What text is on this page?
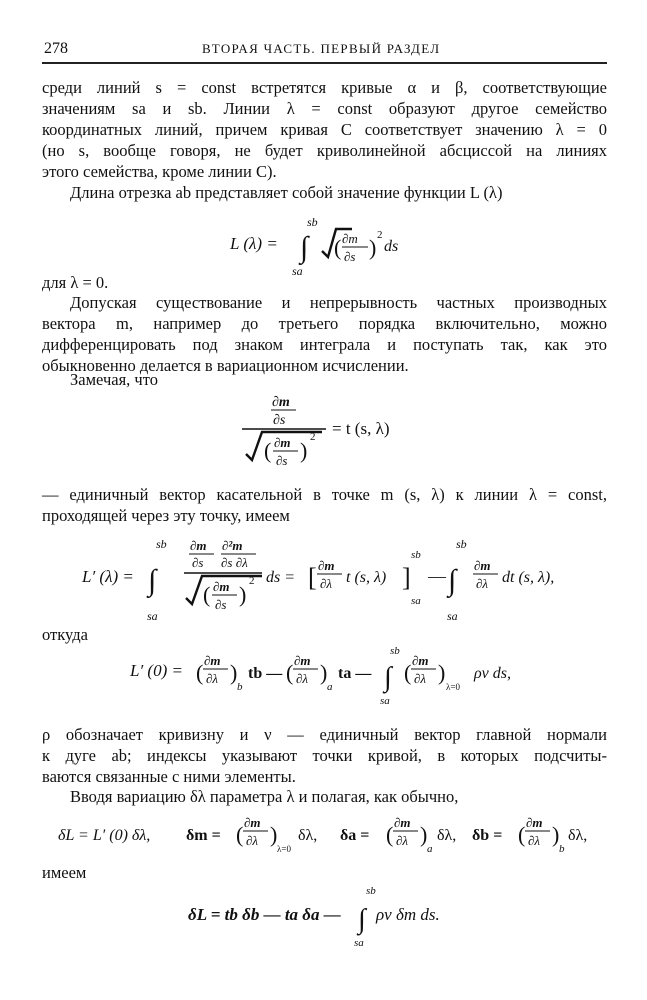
278	ВТОРАЯ ЧАСТЬ. ПЕРВЫЙ РАЗДЕЛ
среди линий s = const встретятся кривые α и β, соответствующие
значениям sa и sb. Линии λ = const образуют другое семейство
координатных линий, причем кривая C соответствует значению λ = 0
(но s, вообще говоря, не будет криволинейной абсциссой на линиях
этого семейства, кроме линии C).
Длина отрезка ab представляет собой значение функции L (λ)
L (λ) = ∫
sb
sa
( ∂m
∂s ) 2
ds
для λ = 0.
Допуская существование и непрерывность частных производных
вектора m, например до третьего порядка включительно, можно
дифференцировать под знаком интеграла и поступать так, как это
обыкновенно делается в вариационном исчислении.
Замечая, что
∂m
∂s
( ∂m
∂s )
2 = t (s, λ)
— единичный вектор касательной в точке m (s, λ) к линии λ = const,
проходящей через эту точку, имеем
L′ (λ) = ∫
sb
sa
∂m
∂s
∂²m
∂s ∂λ
( ∂m
∂s )
2 ds = [ ∂m
∂λ t (s, λ) ]
sb
sa
— ∫
sb
sa
∂m
∂λ dt (s, λ),
откуда
L′ (0) = ( ∂m
∂λ )
b
tb — ( ∂m
∂λ )
a
ta — ∫
sb
sa
( ∂m
∂λ )
λ=0
ρν ds,
ρ обозначает кривизну и ν — единичный вектор главной нормали
к дуге ab; индексы указывают точки кривой, в которых подсчиты-
ваются связанные с ними элементы.
Вводя вариацию δλ параметра λ и полагая, как обычно,
δL = L′ (0) δλ, δm = ( ∂m
∂λ )
λ=0
δλ, δa = ( ∂m
∂λ )
a
δλ, δb = ( ∂m
∂λ )
b
δλ,
имеем
δL = tb δb — ta δa — ∫
sb
sa
ρν δm ds.
